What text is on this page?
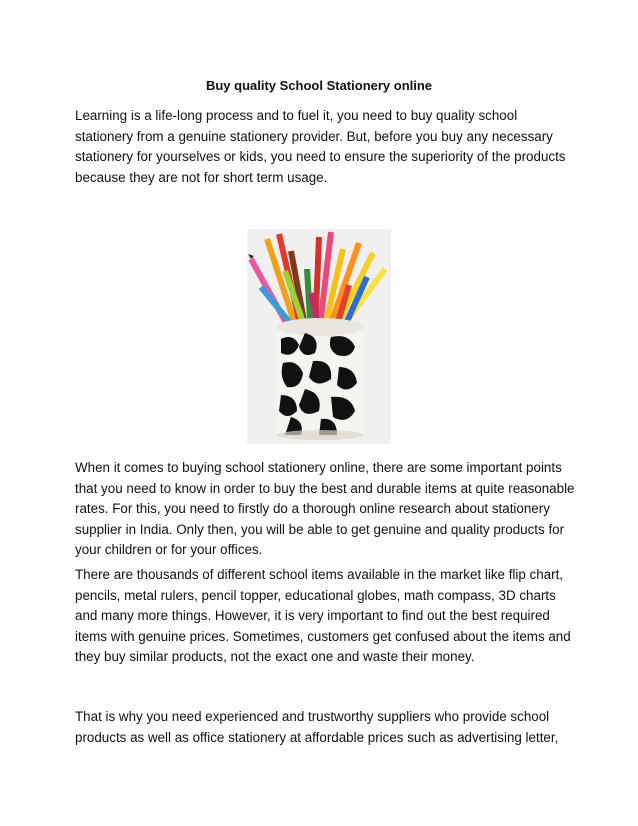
Buy quality School Stationery online

Learning is a life-long process and to fuel it, you need to buy quality school stationery from a genuine stationery provider. But, before you buy any necessary stationery for yourselves or kids, you need to ensure the superiority of the products because they are not for short term usage.

When it comes to buying school stationery online, there are some important points that you need to know in order to buy the best and durable items at quite reasonable rates. For this, you need to firstly do a thorough online research about stationery supplier in India. Only then, you will be able to get genuine and quality products for your children or for your offices.

There are thousands of different school items available in the market like flip chart, pencils, metal rulers, pencil topper, educational globes, math compass, 3D charts and many more things. However, it is very important to find out the best required items with genuine prices. Sometimes, customers get confused about the items and they buy similar products, not the exact one and waste their money.

That is why you need experienced and trustworthy suppliers who provide school products as well as office stationery at affordable prices such as advertising letter,
